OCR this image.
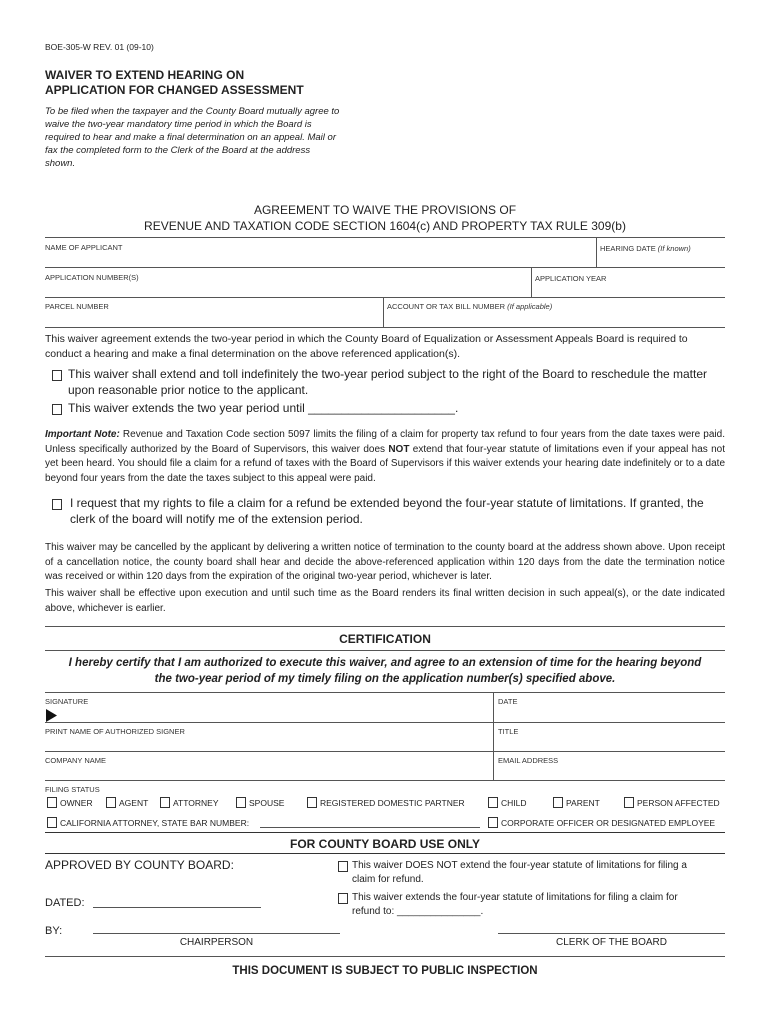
BOE-305-W REV. 01 (09-10)
WAIVER TO EXTEND HEARING ON
APPLICATION FOR CHANGED ASSESSMENT
To be filed when the taxpayer and the County Board mutually agree to waive the two-year mandatory time period in which the Board is required to hear and make a final determination on an appeal. Mail or fax the completed form to the Clerk of the Board at the address shown.
AGREEMENT TO WAIVE THE PROVISIONS OF
REVENUE AND TAXATION CODE SECTION 1604(c) AND PROPERTY TAX RULE 309(b)
NAME OF APPLICANT	HEARING DATE (If known)
APPLICATION NUMBER(S)	APPLICATION YEAR
PARCEL NUMBER	ACCOUNT OR TAX BILL NUMBER (If applicable)
This waiver agreement extends the two-year period in which the County Board of Equalization or Assessment Appeals Board is required to conduct a hearing and make a final determination on the above referenced application(s).
This waiver shall extend and toll indefinitely the two-year period subject to the right of the Board to reschedule the matter
upon reasonable prior notice to the applicant.
This waiver extends the two year period until ______________________.
Important Note: Revenue and Taxation Code section 5097 limits the filing of a claim for property tax refund to four years from the date taxes were paid. Unless specifically authorized by the Board of Supervisors, this waiver does NOT extend that four-year statute of limitations even if your appeal has not yet been heard. You should file a claim for a refund of taxes with the Board of Supervisors if this waiver extends your hearing date indefinitely or to a date beyond four years from the date the taxes subject to this appeal were paid.
I request that my rights to file a claim for a refund be extended beyond the four-year statute of limitations. If granted, the
clerk of the board will notify me of the extension period.
This waiver may be cancelled by the applicant by delivering a written notice of termination to the county board at the address shown above. Upon receipt of a cancellation notice, the county board shall hear and decide the above-referenced application within 120 days from the date the termination notice was received or within 120 days from the expiration of the original two-year period, whichever is later.
This waiver shall be effective upon execution and until such time as the Board renders its final written decision in such appeal(s), or the date indicated above, whichever is earlier.
CERTIFICATION
I hereby certify that I am authorized to execute this waiver, and agree to an extension of time for the hearing beyond
the two-year period of my timely filing on the application number(s) specified above.
SIGNATURE	DATE
PRINT NAME OF AUTHORIZED SIGNER	TITLE
COMPANY NAME	EMAIL ADDRESS
FILING STATUS
OWNER	AGENT	ATTORNEY	SPOUSE	REGISTERED DOMESTIC PARTNER	CHILD	PARENT	PERSON AFFECTED
CALIFORNIA ATTORNEY, STATE BAR NUMBER:	CORPORATE OFFICER OR DESIGNATED EMPLOYEE
FOR COUNTY BOARD USE ONLY
APPROVED BY COUNTY BOARD:	This waiver DOES NOT extend the four-year statute of limitations for filing a
claim for refund.
This waiver extends the four-year statute of limitations for filing a claim for
refund to: _______________.
DATED:
BY:
CHAIRPERSON	CLERK OF THE BOARD
THIS DOCUMENT IS SUBJECT TO PUBLIC INSPECTION
